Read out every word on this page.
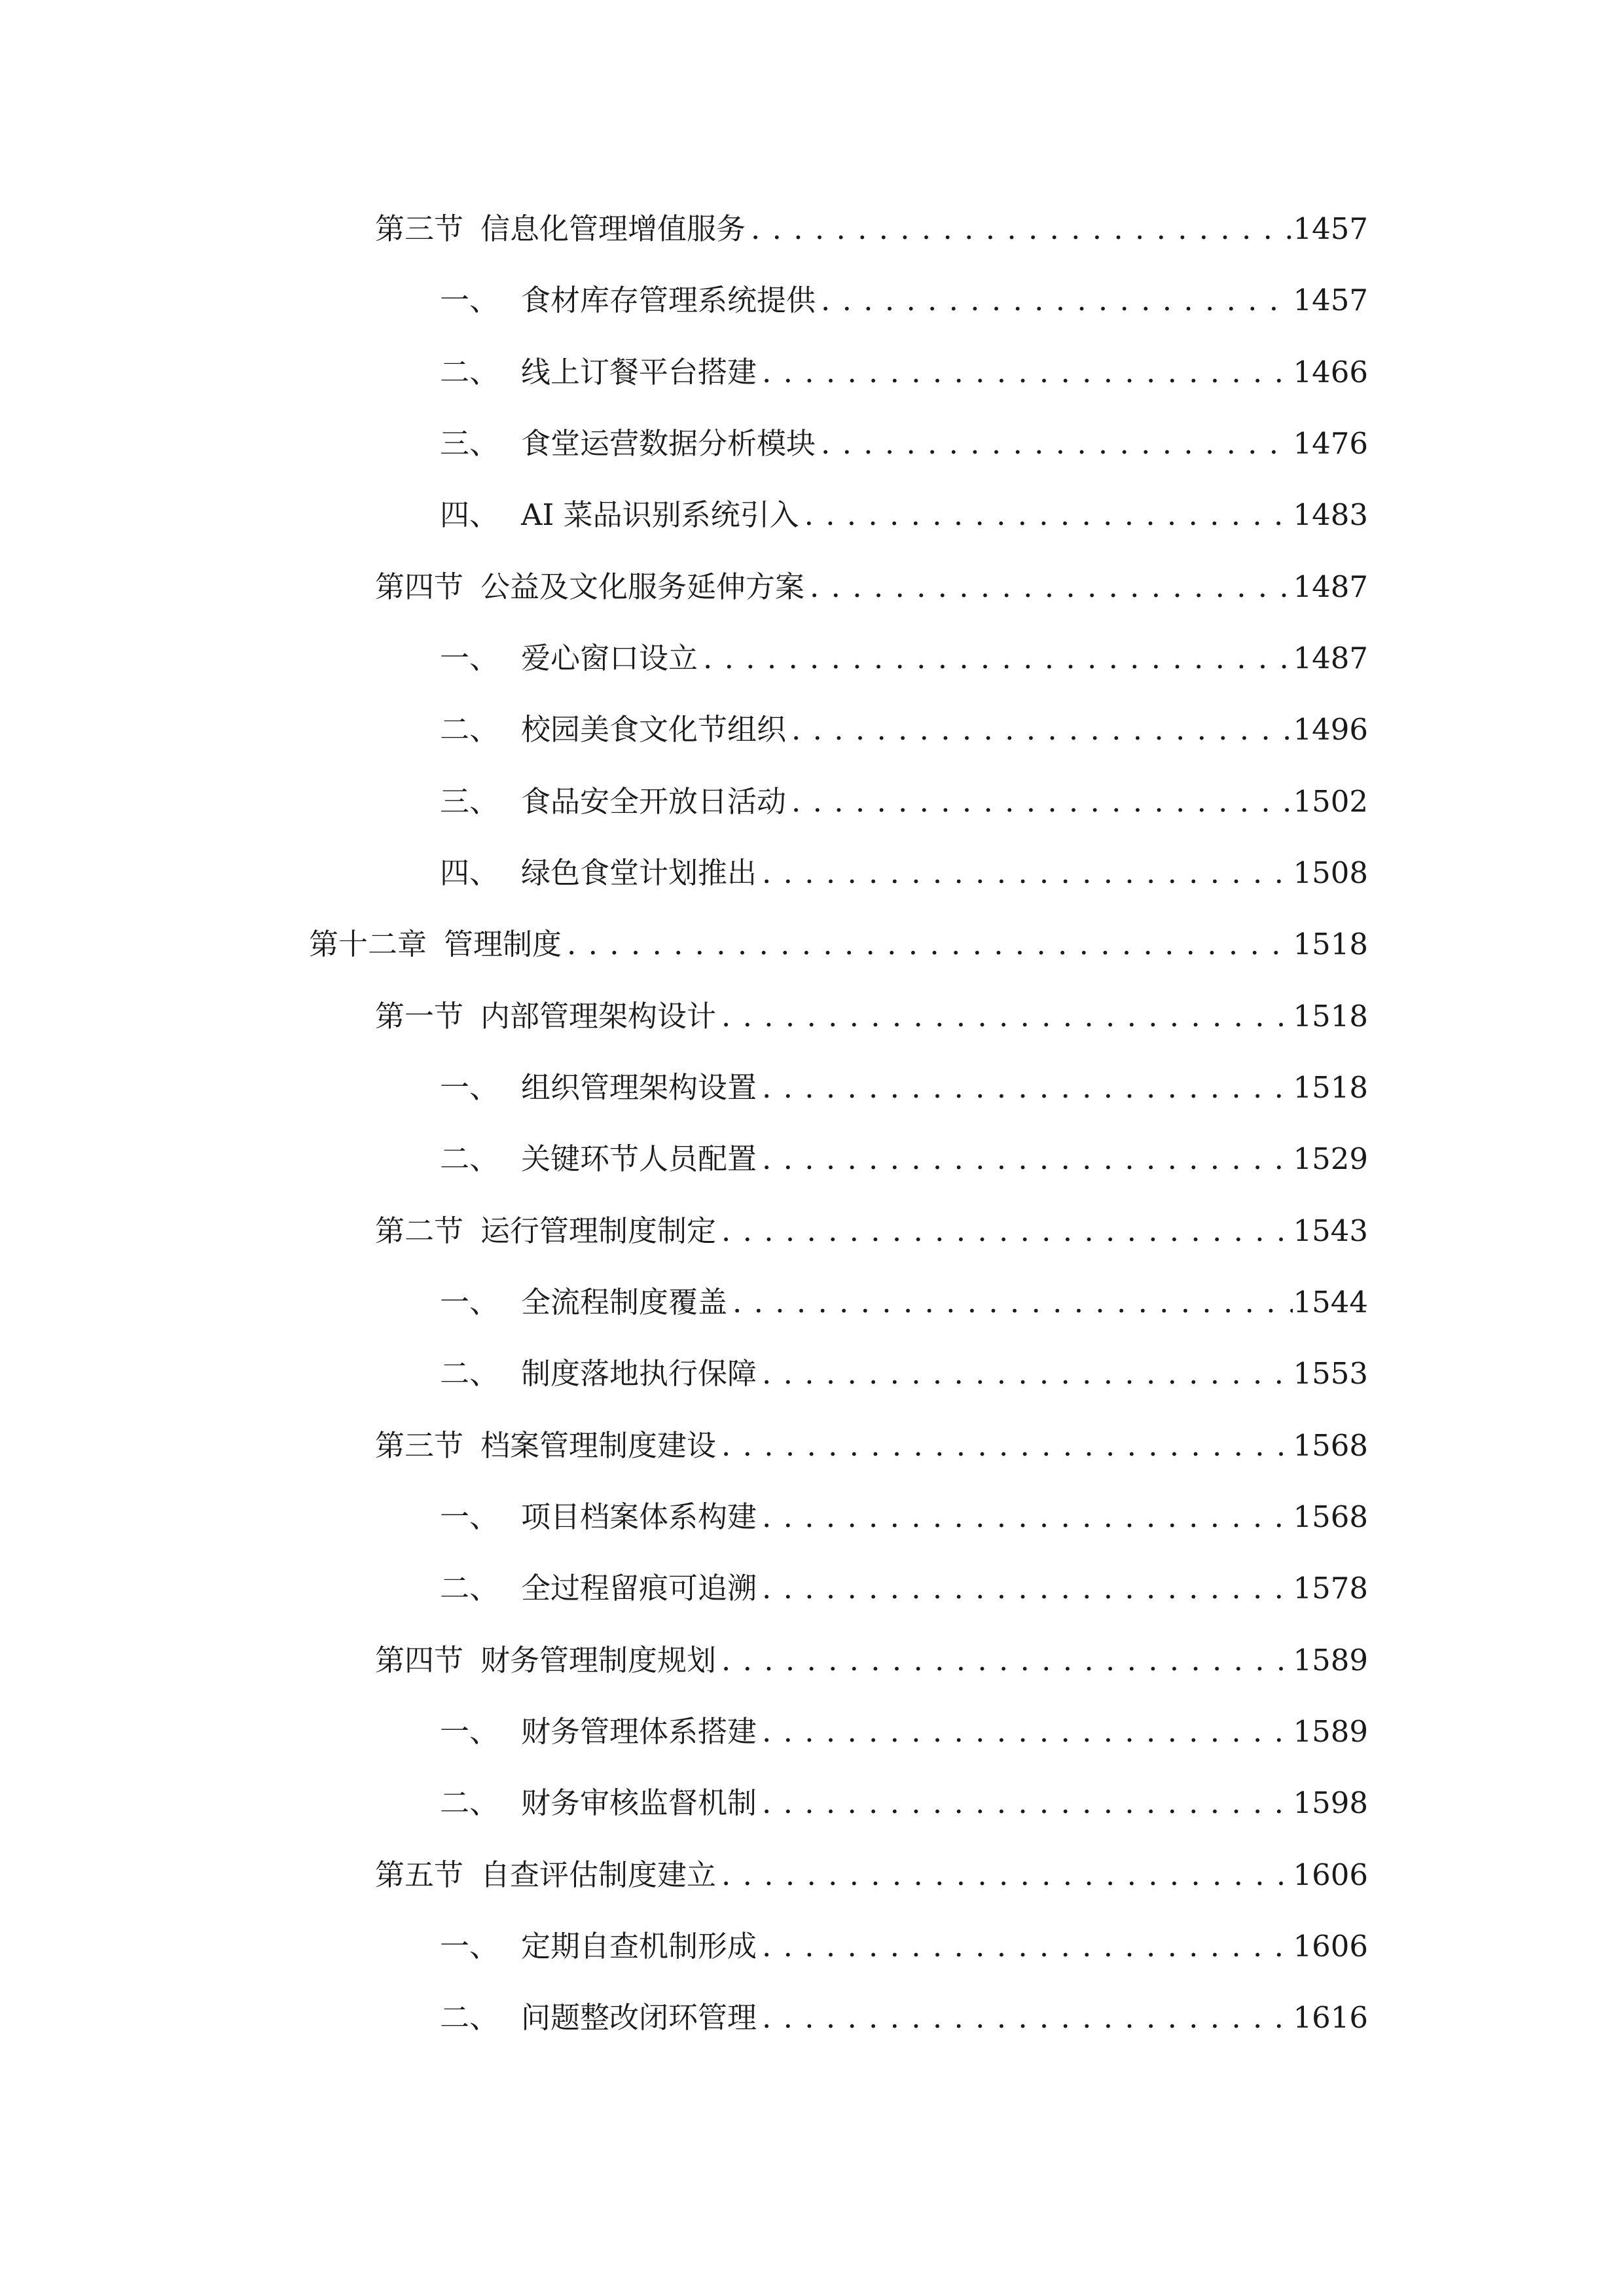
第三节 信息化管理增值服务 . . .	1457
一、 食材库存管理系统提供 . . .	1457
二、 线上订餐平台搭建 . . .	1466
三、 食堂运营数据分析模块 . . .	1476
四、 AI 菜品识别系统引入 . . .	1483
第四节 公益及文化服务延伸方案 . . .	1487
一、 爱心窗口设立 . . .	1487
二、 校园美食文化节组织 . . .	1496
三、 食品安全开放日活动 . . .	1502
四、 绿色食堂计划推出 . . .	1508
第十二章 管理制度 . . .	1518
第一节 内部管理架构设计 . . .	1518
一、 组织管理架构设置 . . .	1518
二、 关键环节人员配置 . . .	1529
第二节 运行管理制度制定 . . .	1543
一、 全流程制度覆盖 . . .	1544
二、 制度落地执行保障 . . .	1553
第三节 档案管理制度建设 . . .	1568
一、 项目档案体系构建 . . .	1568
二、 全过程留痕可追溯 . . .	1578
第四节 财务管理制度规划 . . .	1589
一、 财务管理体系搭建 . . .	1589
二、 财务审核监督机制 . . .	1598
第五节 自查评估制度建立 . . .	1606
一、 定期自查机制形成 . . .	1606
二、 问题整改闭环管理 . . .	1616
